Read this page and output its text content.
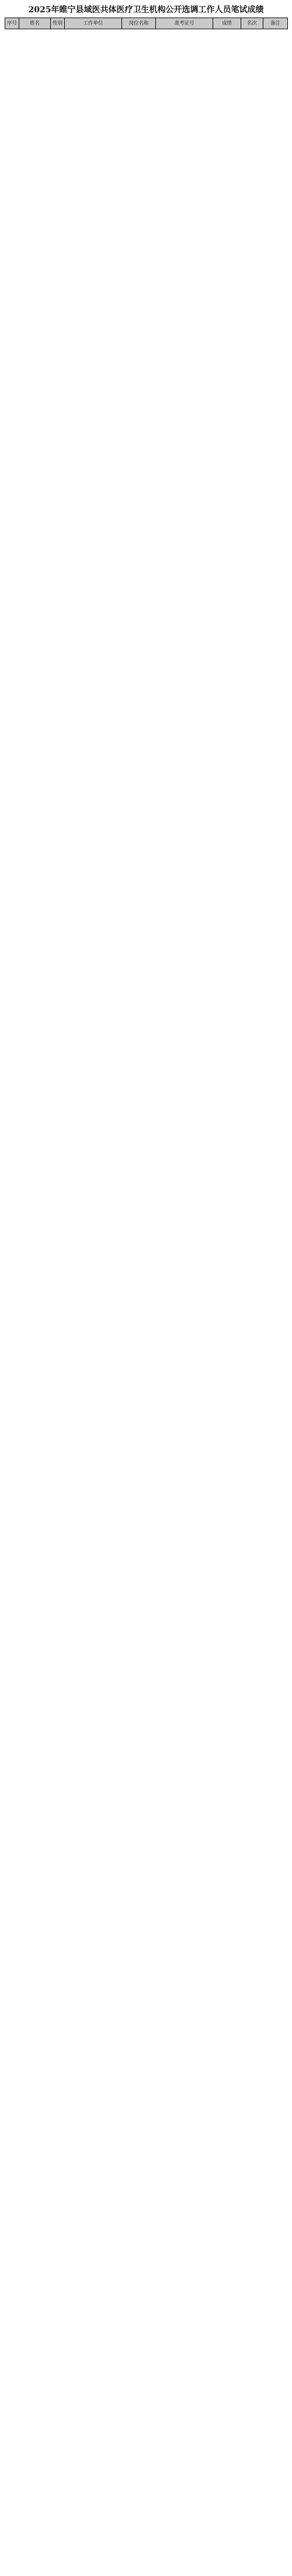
2025年睢宁县域医共体医疗卫生机构公开选调工作人员笔试成绩
序号	姓名	性别	工作单位	岗位名称	准考证号	成绩	名次	备注
